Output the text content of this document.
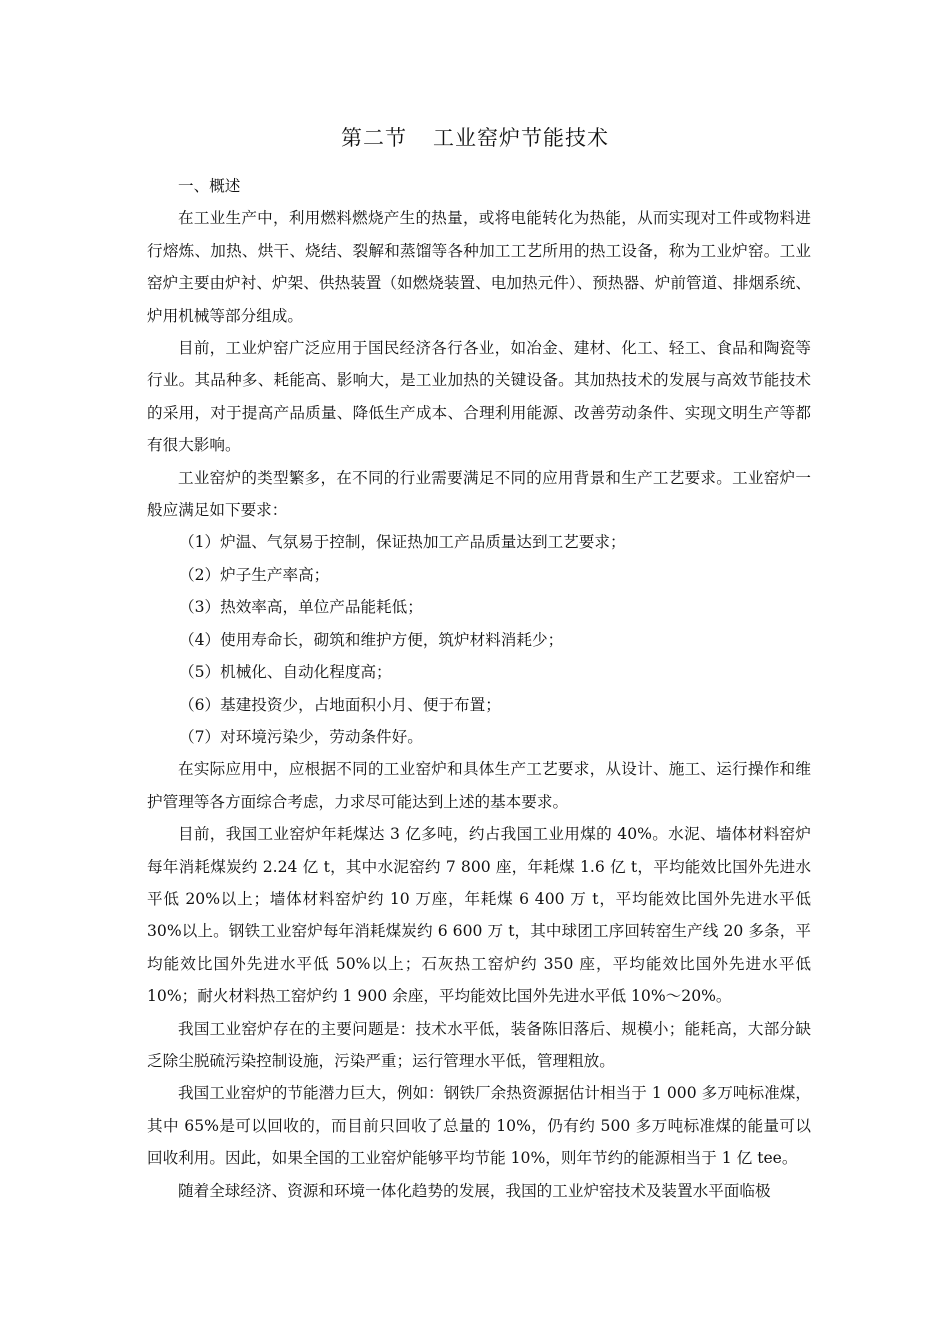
第二节 工业窑炉节能技术

一、概述

在工业生产中，利用燃料燃烧产生的热量，或将电能转化为热能，从而实现对工件或物料进行熔炼、加热、烘干、烧结、裂解和蒸馏等各种加工工艺所用的热工设备，称为工业炉窑。工业窑炉主要由炉衬、炉架、供热装置（如燃烧装置、电加热元件）、预热器、炉前管道、排烟系统、炉用机械等部分组成。

目前，工业炉窑广泛应用于国民经济各行各业，如冶金、建材、化工、轻工、食品和陶瓷等行业。其品种多、耗能高、影响大，是工业加热的关键设备。其加热技术的发展与高效节能技术的采用，对于提高产品质量、降低生产成本、合理利用能源、改善劳动条件、实现文明生产等都有很大影响。

工业窑炉的类型繁多，在不同的行业需要满足不同的应用背景和生产工艺要求。工业窑炉一般应满足如下要求：

（1）炉温、气氛易于控制，保证热加工产品质量达到工艺要求；

（2）炉子生产率高；

（3）热效率高，单位产品能耗低；

（4）使用寿命长，砌筑和维护方便，筑炉材料消耗少；

（5）机械化、自动化程度高；

（6）基建投资少，占地面积小月、便于布置；

（7）对环境污染少，劳动条件好。

在实际应用中，应根据不同的工业窑炉和具体生产工艺要求，从设计、施工、运行操作和维护管理等各方面综合考虑，力求尽可能达到上述的基本要求。

目前，我国工业窑炉年耗煤达 3 亿多吨，约占我国工业用煤的 40%。水泥、墙体材料窑炉每年消耗煤炭约 2.24 亿 t，其中水泥窑约 7 800 座，年耗煤 1.6 亿 t，平均能效比国外先进水平低 20%以上；墙体材料窑炉约 10 万座，年耗煤 6 400 万 t，平均能效比国外先进水平低 30%以上。钢铁工业窑炉每年消耗煤炭约 6 600 万 t，其中球团工序回转窑生产线 20 多条，平均能效比国外先进水平低 50%以上；石灰热工窑炉约 350 座，平均能效比国外先进水平低 10%；耐火材料热工窑炉约 1 900 余座，平均能效比国外先进水平低 10%～20%。

我国工业窑炉存在的主要问题是：技术水平低，装备陈旧落后、规模小；能耗高，大部分缺乏除尘脱硫污染控制设施，污染严重；运行管理水平低，管理粗放。

我国工业窑炉的节能潜力巨大，例如：钢铁厂余热资源据估计相当于 1 000 多万吨标准煤，其中 65%是可以回收的，而目前只回收了总量的 10%，仍有约 500 多万吨标准煤的能量可以回收利用。因此，如果全国的工业窑炉能够平均节能 10%，则年节约的能源相当于 1 亿 tee。

随着全球经济、资源和环境一体化趋势的发展，我国的工业炉窑技术及装置水平面临极
